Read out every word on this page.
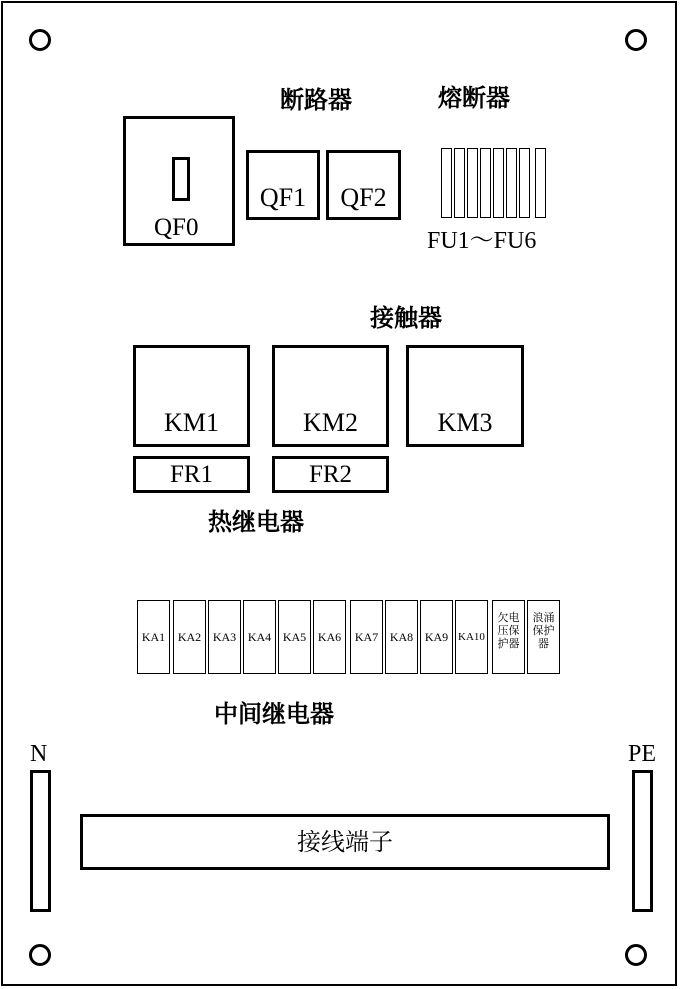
断路器
QF0
QF1 QF2
熔断器
FU1～FU6
接触器
KM1	KM2	KM3
FR1	FR2
热继电器
KA1	KA2 KA3 KA4 KA5 KA6	KA7 KA8 KA9 KA10
欠电压保护器
浪涌保护器
中间继电器
N	PE
接线端子
